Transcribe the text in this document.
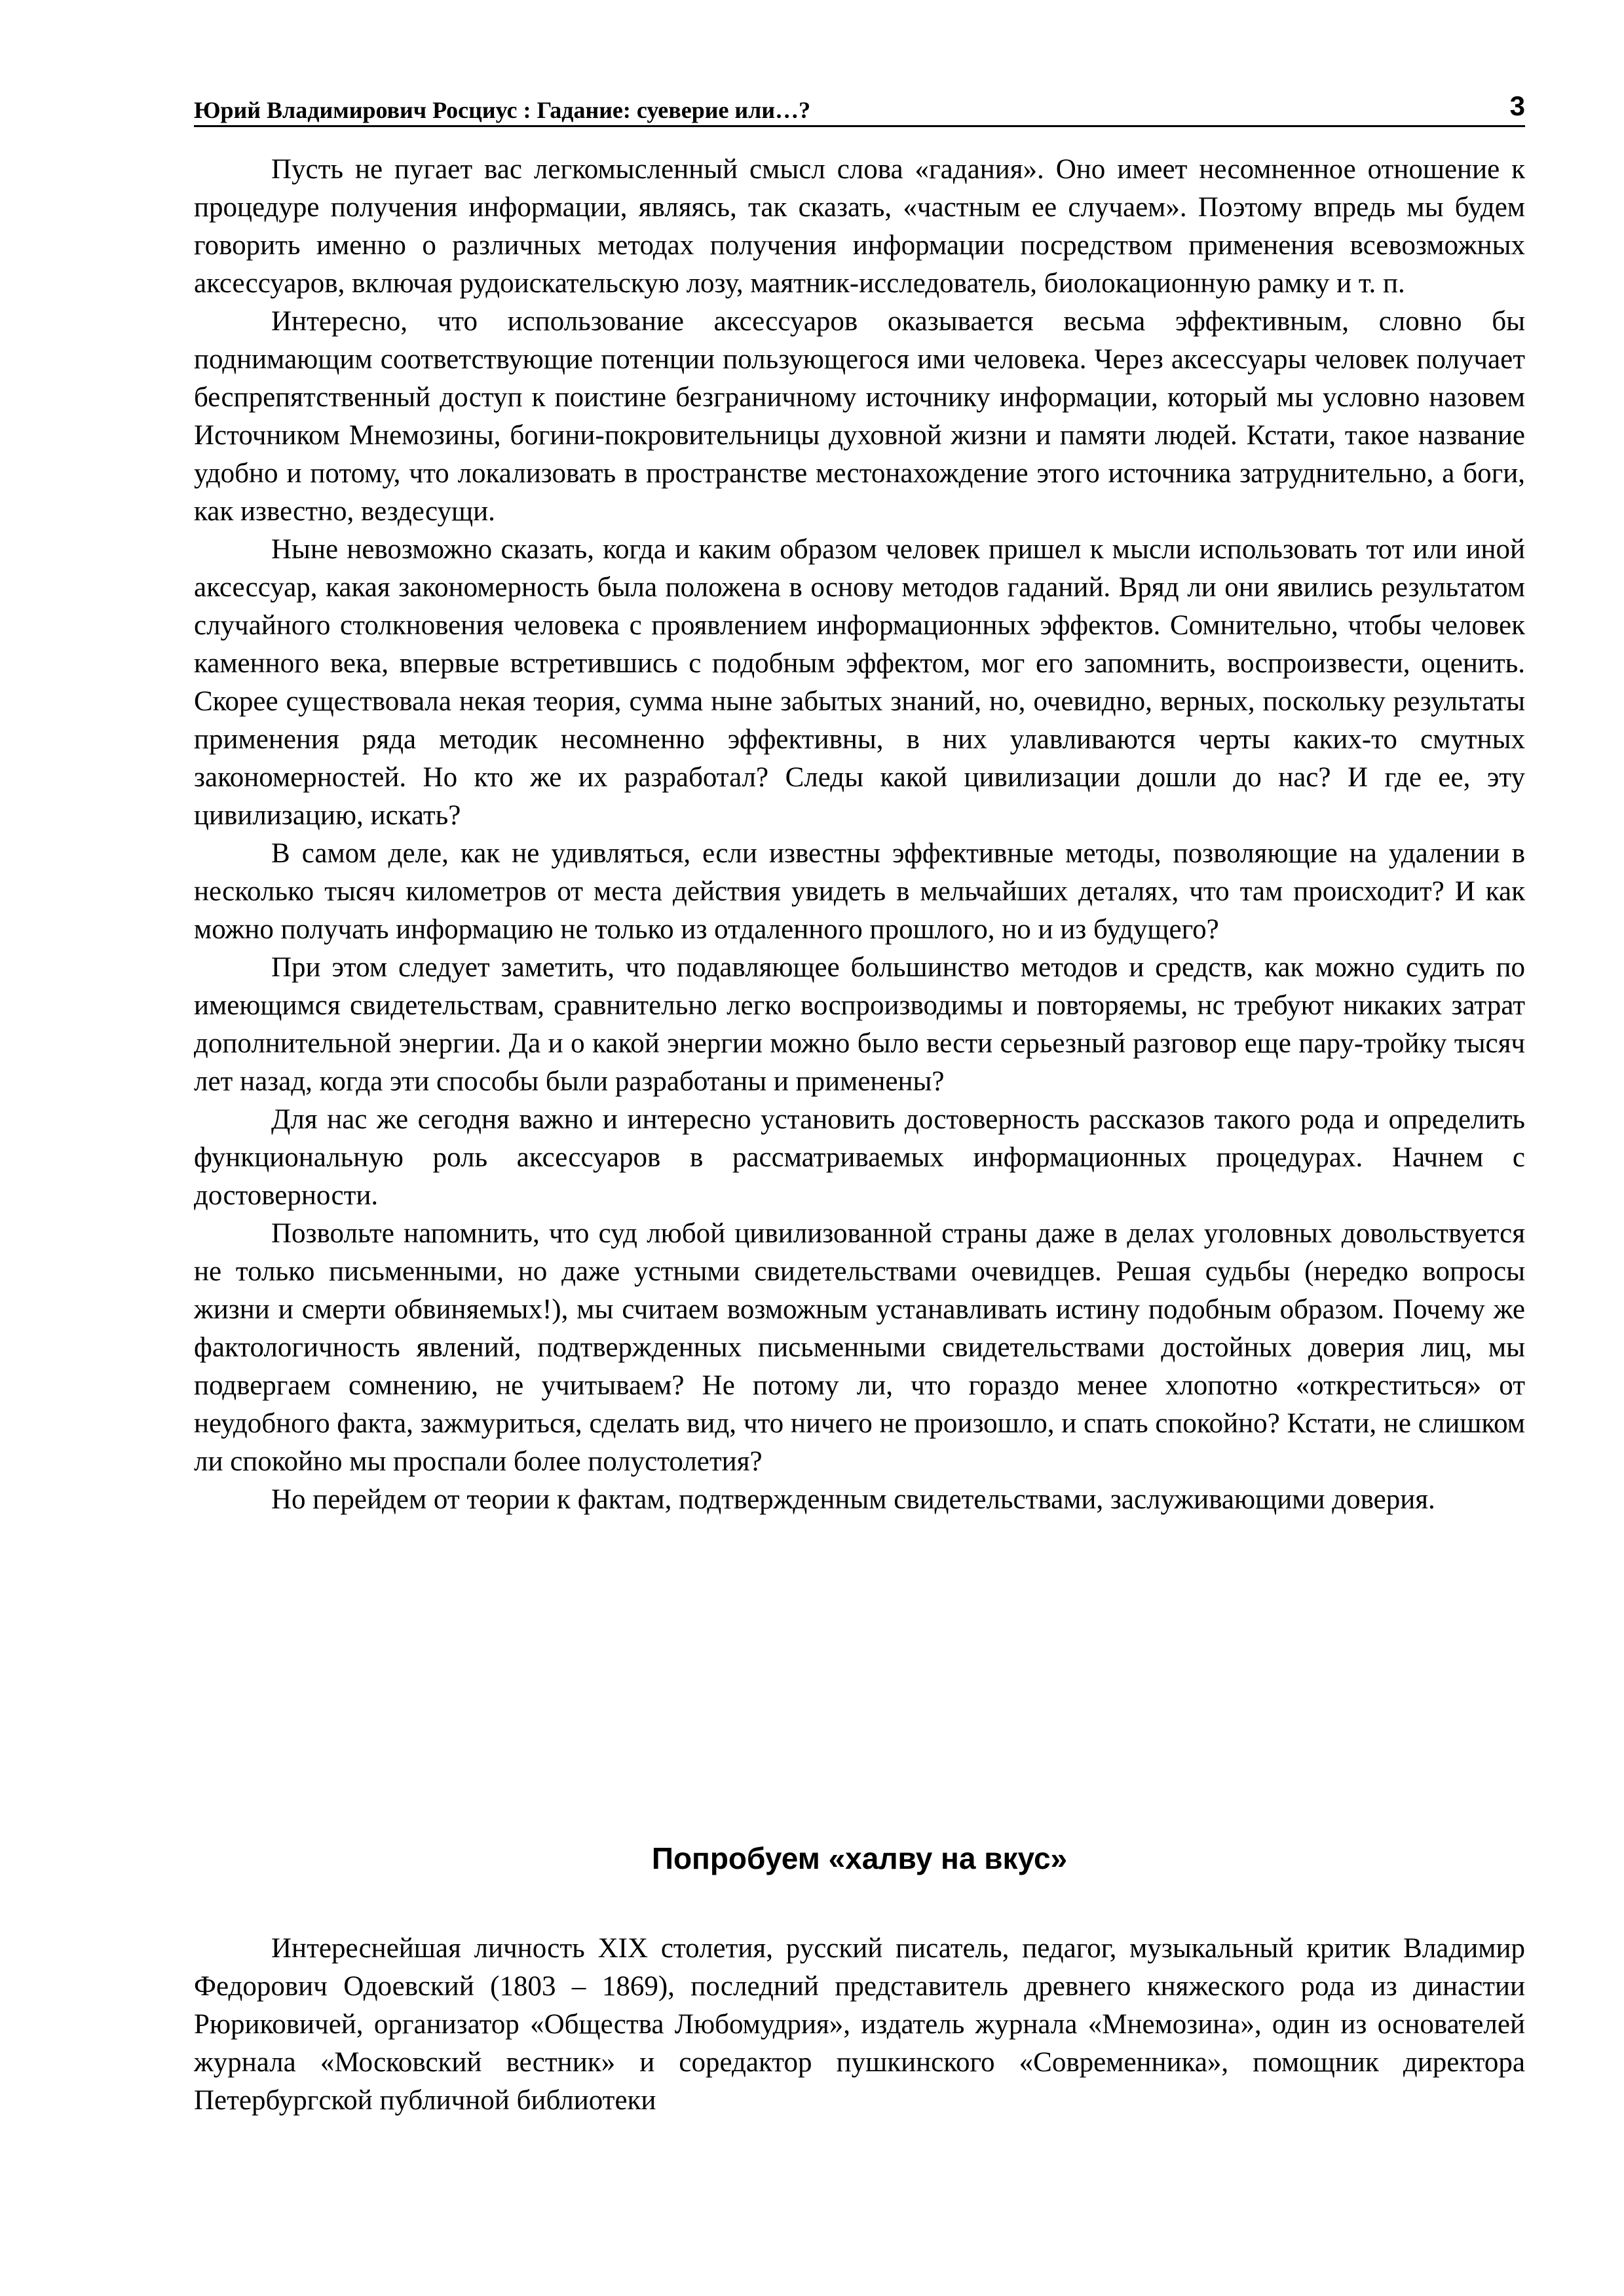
Юрий Владимирович Росциус : Гадание: суеверие или…?	3

Пусть не пугает вас легкомысленный смысл слова «гадания». Оно имеет несомненное отношение к процедуре получения информации, являясь, так сказать, «частным ее случаем». Поэтому впредь мы будем говорить именно о различных методах получения информации посредством применения всевозможных аксессуаров, включая рудоискательскую лозу, маятник-исследователь, биолокационную рамку и т. п.

Интересно, что использование аксессуаров оказывается весьма эффективным, словно бы поднимающим соответствующие потенции пользующегося ими человека. Через аксессуары человек получает беспрепятственный доступ к поистине безграничному источнику информации, который мы условно назовем Источником Мнемозины, богини-покровительницы духовной жизни и памяти людей. Кстати, такое название удобно и потому, что локализовать в пространстве местонахождение этого источника затруднительно, а боги, как известно, вездесущи.

Ныне невозможно сказать, когда и каким образом человек пришел к мысли использовать тот или иной аксессуар, какая закономерность была положена в основу методов гаданий. Вряд ли они явились результатом случайного столкновения человека с проявлением информационных эффектов. Сомнительно, чтобы человек каменного века, впервые встретившись с подобным эффектом, мог его запомнить, воспроизвести, оценить. Скорее существовала некая теория, сумма ныне забытых знаний, но, очевидно, верных, поскольку результаты применения ряда методик несомненно эффективны, в них улавливаются черты каких-то смутных закономерностей. Но кто же их разработал? Следы какой цивилизации дошли до нас? И где ее, эту цивилизацию, искать?

В самом деле, как не удивляться, если известны эффективные методы, позволяющие на удалении в несколько тысяч километров от места действия увидеть в мельчайших деталях, что там происходит? И как можно получать информацию не только из отдаленного прошлого, но и из будущего?

При этом следует заметить, что подавляющее большинство методов и средств, как можно судить по имеющимся свидетельствам, сравнительно легко воспроизводимы и повторяемы, нс требуют никаких затрат дополнительной энергии. Да и о какой энергии можно было вести серьезный разговор еще пару-тройку тысяч лет назад, когда эти способы были разработаны и применены?

Для нас же сегодня важно и интересно установить достоверность рассказов такого рода и определить функциональную роль аксессуаров в рассматриваемых информационных процедурах. Начнем с достоверности.

Позвольте напомнить, что суд любой цивилизованной страны даже в делах уголовных довольствуется не только письменными, но даже устными свидетельствами очевидцев. Решая судьбы (нередко вопросы жизни и смерти обвиняемых!), мы считаем возможным устанавливать истину подобным образом. Почему же фактологичность явлений, подтвержденных письменными свидетельствами достойных доверия лиц, мы подвергаем сомнению, не учитываем? Не потому ли, что гораздо менее хлопотно «откреститься» от неудобного факта, зажмуриться, сделать вид, что ничего не произошло, и спать спокойно? Кстати, не слишком ли спокойно мы проспали более полустолетия?

Но перейдем от теории к фактам, подтвержденным свидетельствами, заслуживающими доверия.

Попробуем «халву на вкус»

Интереснейшая личность XIX столетия, русский писатель, педагог, музыкальный критик Владимир Федорович Одоевский (1803 – 1869), последний представитель древнего княжеского рода из династии Рюриковичей, организатор «Общества Любомудрия», издатель журнала «Мнемозина», один из основателей журнала «Московский вестник» и соредактор пушкинского «Современника», помощник директора Петербургской публичной библиотеки
